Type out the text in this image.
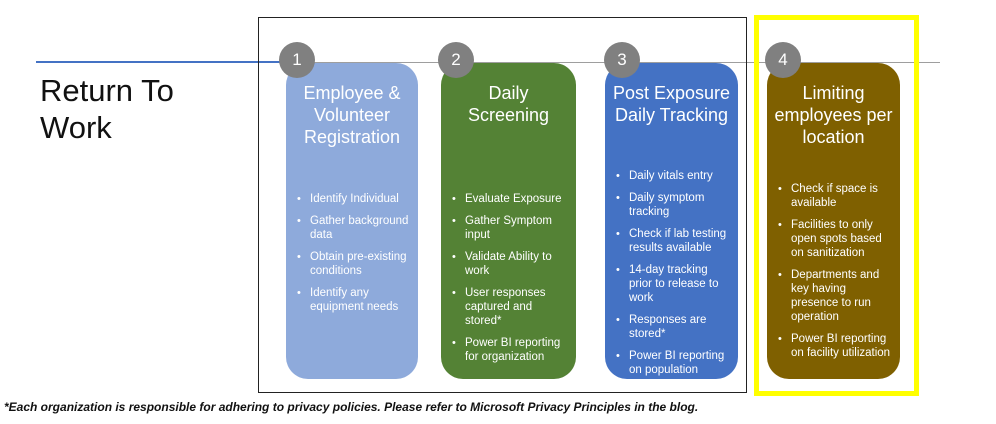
Return To Work
Employee & Volunteer Registration
• Identify Individual
• Gather background data
• Obtain pre-existing conditions
• Identify any equipment needs
1
Daily Screening
• Evaluate Exposure
• Gather Symptom input
• Validate Ability to work
• User responses captured and stored*
• Power BI reporting for organization
2
Post Exposure Daily Tracking
• Daily vitals entry
• Daily symptom tracking
• Check if lab testing results available
• 14-day tracking prior to release to work
• Responses are stored*
• Power BI reporting on population progress
3
Limiting employees per location
• Check if space is available
• Facilities to only open spots based on sanitization
• Departments and key having presence to run operation
• Power BI reporting on facility utilization
4
*Each organization is responsible for adhering to privacy policies. Please refer to Microsoft Privacy Principles in the blog.
